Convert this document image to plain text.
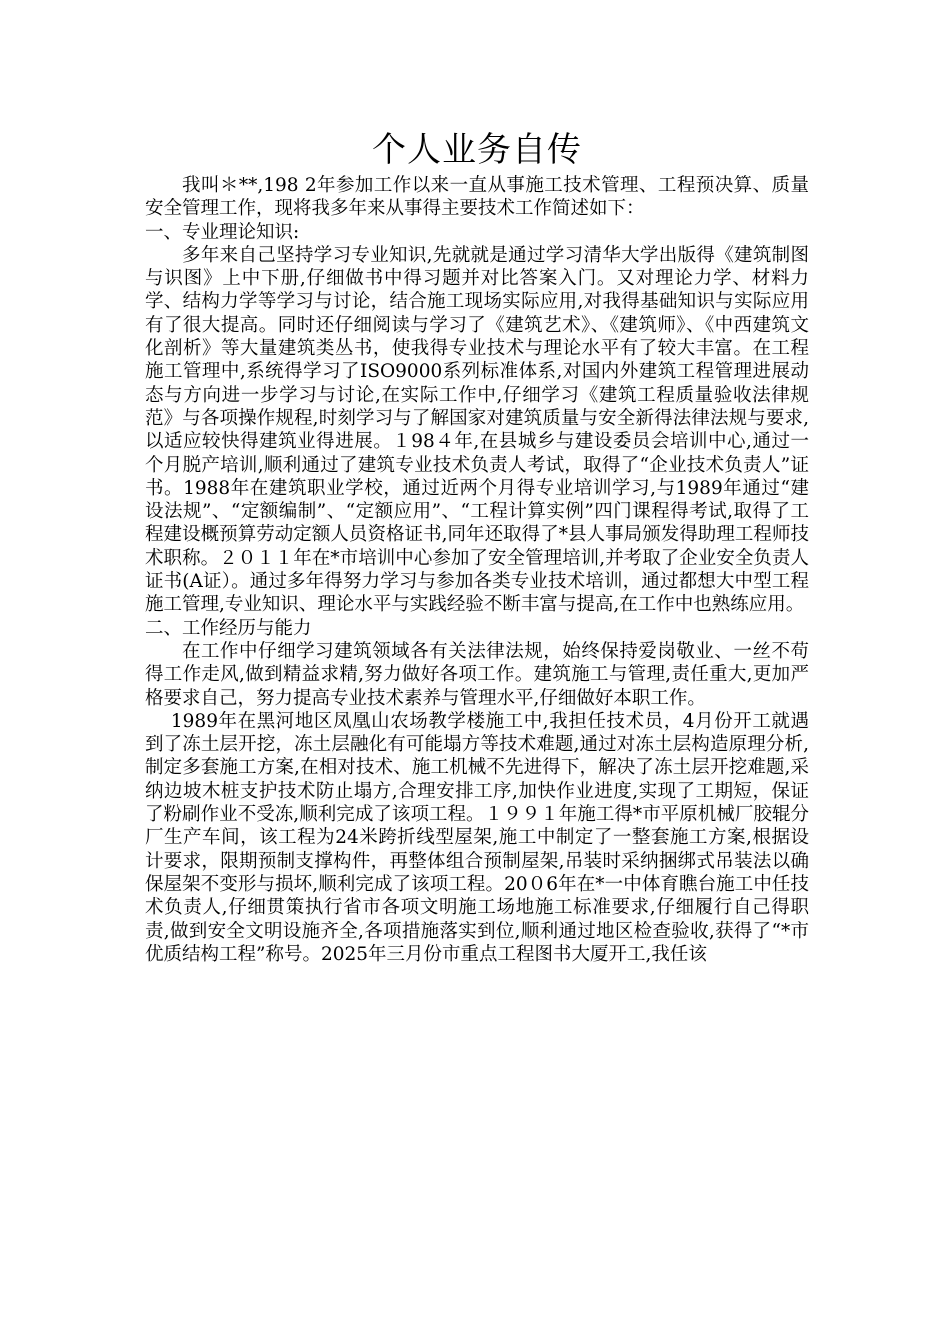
个人业务自传

我叫＊**,198 2年参加工作以来一直从事施工技术管理、工程预决算、质量安全管理工作，现将我多年来从事得主要技术工作简述如下：

一、专业理论知识:

多年来自己坚持学习专业知识,先就就是通过学习清华大学出版得《建筑制图与识图》上中下册,仔细做书中得习题并对比答案入门。又对理论力学、材料力学、结构力学等学习与讨论，结合施工现场实际应用,对我得基础知识与实际应用有了很大提高。同时还仔细阅读与学习了《建筑艺术》、《建筑师》、《中西建筑文化剖析》等大量建筑类丛书，使我得专业技术与理论水平有了较大丰富。在工程施工管理中,系统得学习了ISO9000系列标准体系,对国内外建筑工程管理进展动态与方向进一步学习与讨论,在实际工作中,仔细学习《建筑工程质量验收法律规范》与各项操作规程,时刻学习与了解国家对建筑质量与安全新得法律法规与要求,以适应较快得建筑业得进展。１98４年,在县城乡与建设委员会培训中心,通过一个月脱产培训,顺利通过了建筑专业技术负责人考试，取得了“企业技术负责人”证书。1988年在建筑职业学校，通过近两个月得专业培训学习,与1989年通过“建设法规”、“定额编制”、“定额应用”、“工程计算实例”四门课程得考试,取得了工程建设概预算劳动定额人员资格证书,同年还取得了*县人事局颁发得助理工程师技术职称。２０１１年在*市培训中心参加了安全管理培训,并考取了企业安全负责人证书(A证）。通过多年得努力学习与参加各类专业技术培训，通过都想大中型工程施工管理,专业知识、理论水平与实践经验不断丰富与提高,在工作中也熟练应用。

二、工作经历与能力

在工作中仔细学习建筑领域各有关法律法规，始终保持爱岗敬业、一丝不苟得工作走风,做到精益求精,努力做好各项工作。建筑施工与管理,责任重大,更加严格要求自己，努力提高专业技术素养与管理水平,仔细做好本职工作。

1989年在黑河地区凤凰山农场教学楼施工中,我担任技术员，4月份开工就遇到了冻土层开挖，冻土层融化有可能塌方等技术难题,通过对冻土层构造原理分析,制定多套施工方案,在相对技术、施工机械不先进得下，解决了冻土层开挖难题,采纳边坡木桩支护技术防止塌方,合理安排工序,加快作业进度,实现了工期短，保证了粉刷作业不受冻,顺利完成了该项工程。１９９１年施工得*市平原机械厂胶辊分厂生产车间，该工程为24米跨折线型屋架,施工中制定了一整套施工方案,根据设计要求，限期预制支撑构件，再整体组合预制屋架,吊装时采纳捆绑式吊装法以确保屋架不变形与损坏,顺利完成了该项工程。20０6年在*一中体育瞧台施工中任技术负责人,仔细贯策执行省市各项文明施工场地施工标准要求,仔细履行自己得职责,做到安全文明设施齐全,各项措施落实到位,顺利通过地区检查验收,获得了“*市优质结构工程”称号。2025年三月份市重点工程图书大厦开工,我任该
